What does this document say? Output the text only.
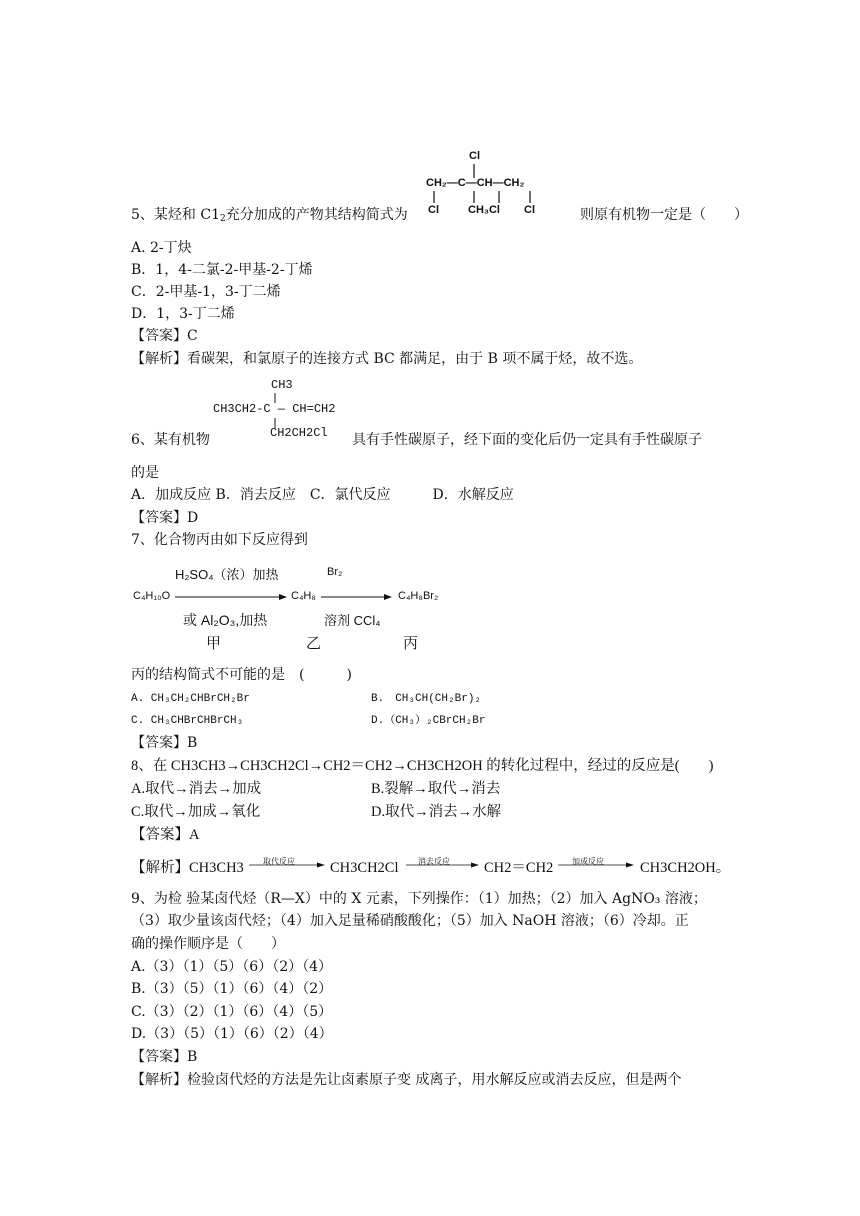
Cl
CH₂—C—CH—CH₂
Cl	CH₃Cl Cl
5、某烃和 $C1_2$充分加成的产物其结构简式为	则原有机物一定是（　　）
A. 2-丁炔
B．1，4-二氯-2-甲基-2-丁烯
C．2-甲基-1，3-丁二烯
D．1，3-丁二烯
【答案】C
【解析】看碳架，和氯原子的连接方式 BC 都满足，由于 B 项不属于烃，故不选。
CH3
CH3CH2-C — CH=CH2
CH2CH2Cl
6、某有机物	具有手性碳原子，经下面的变化后仍一定具有手性碳原子
的是
A．加成反应 B．消去反应　C．氯代反应　　　D．水解反应
【答案】D
7、化合物丙由如下反应得到
H₂SO₄（浓）加热	Br₂
C₄H₁₀O	C₄H₈	C₄H₈Br₂
或 Al₂O₃,加热	溶剂 CCl₄
甲	乙	丙
丙的结构简式不可能的是　(　　　)
A. CH₃CH₂CHBrCH₂Br	B.　CH₃CH(CH₂Br)₂
C. CH₃CHBrCHBrCH₃	D.（CH₃）₂CBrCH₂Br
【答案】B
8、在 CH3CH3→CH3CH2Cl→CH2＝CH2→CH3CH2OH 的转化过程中，经过的反应是(　　)
A.取代→消去→加成	B.裂解→取代→消去
C.取代→加成→氧化	D.取代→消去→水解
【答案】A
【解析】 CH3CH3 取代反应 CH3CH2Cl 消去反应 CH2＝CH2 加成反应 CH3CH2OH。
9、为检 验某卤代烃（R—X）中的 X 元素，下列操作：（1）加热；（2）加入 AgNO₃ 溶液；
（3）取少量该卤代烃；（4）加入足量稀硝酸酸化；（5）加入 NaOH 溶液；（6）冷却。正
确的操作顺序是（　　）
A.（3）（1）（5）（6）（2）（4）
B.（3）（5）（1）（6）（4）（2）
C.（3）（2）（1）（6）（4）（5）
D.（3）（5）（1）（6）（2）（4）
【答案】B
【解析】检验卤代烃的方法是先让卤素原子变 成离子，用水解反应或消去反应，但是两个
